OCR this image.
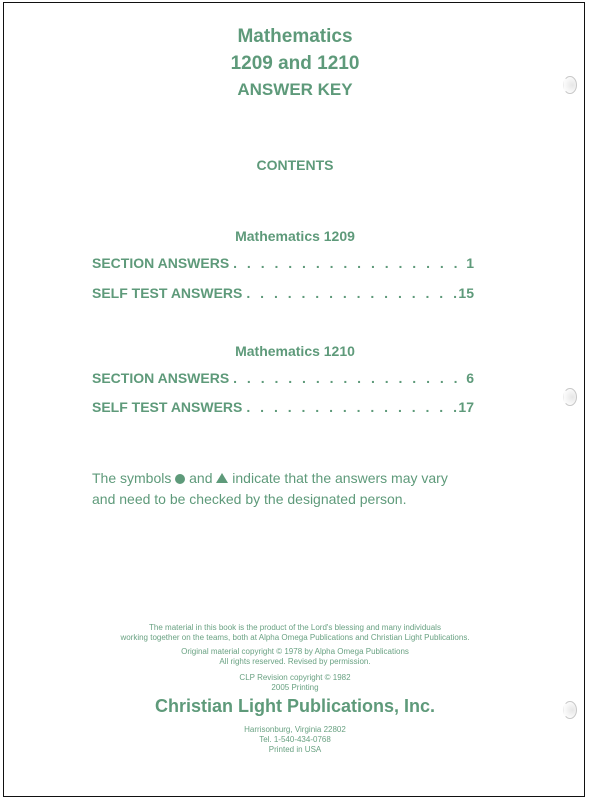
Mathematics
1209 and 1210
ANSWER KEY
CONTENTS
Mathematics 1209
SECTION ANSWERS . . .	1
SELF TEST ANSWERS . . .	15
Mathematics 1210
SECTION ANSWERS . . .	6
SELF TEST ANSWERS . . .	17
The symbols and indicate that the answers may vary
and need to be checked by the designated person.
The material in this book is the product of the Lord's blessing and many individuals
working together on the teams, both at Alpha Omega Publications and Christian Light Publications.
Original material copyright © 1978 by Alpha Omega Publications
All rights reserved. Revised by permission.
CLP Revision copyright © 1982
2005 Printing
Christian Light Publications, Inc.
Harrisonburg, Virginia 22802
Tel. 1-540-434-0768
Printed in USA
